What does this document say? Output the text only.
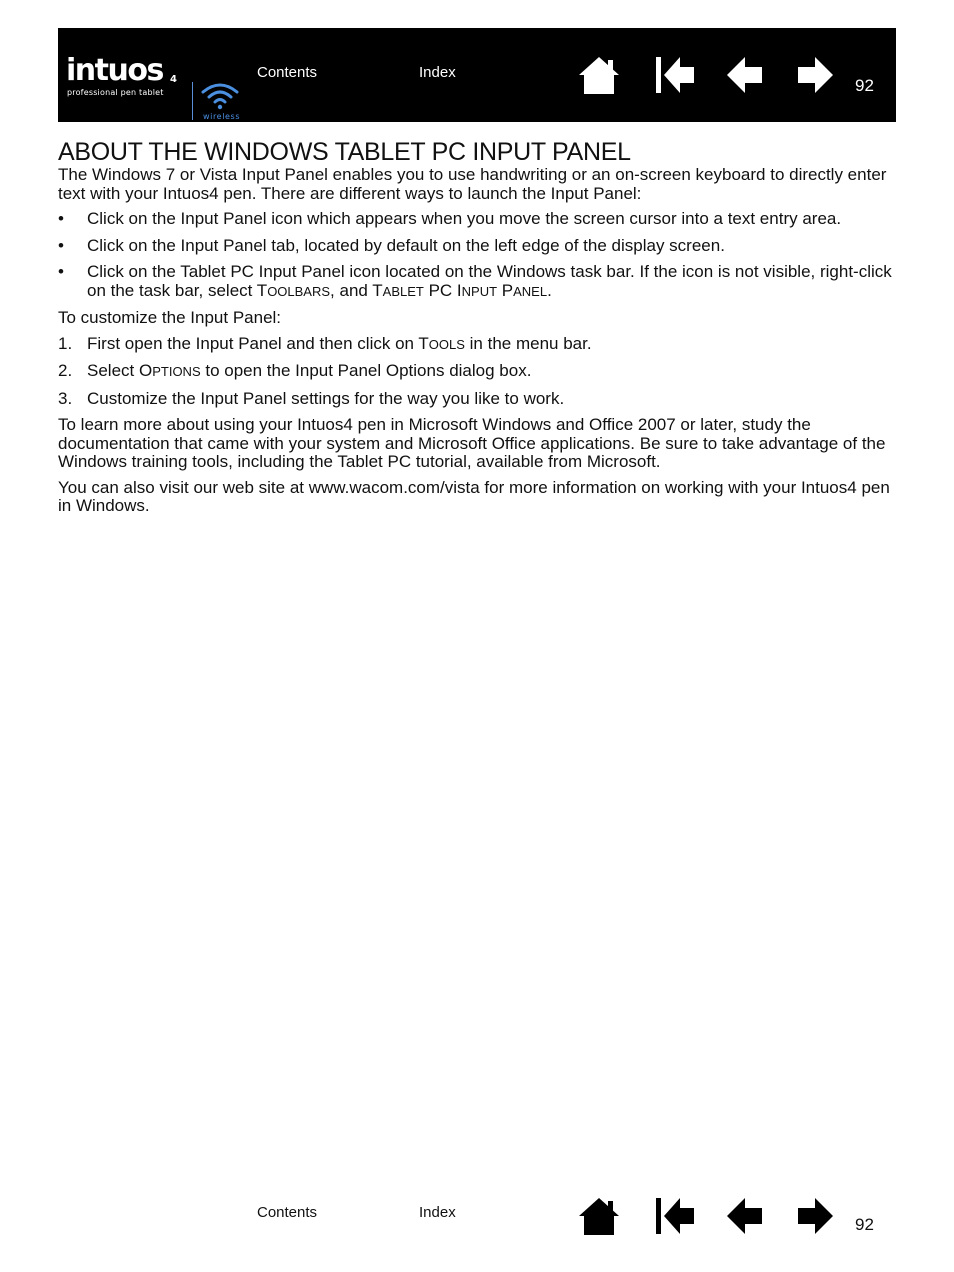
intuos 4
professional pen tablet
wireless
Contents	Index
92
ABOUT THE WINDOWS TABLET PC INPUT PANEL

The Windows 7 or Vista Input Panel enables you to use handwriting or an on-screen keyboard to directly enter text with your Intuos4 pen. There are different ways to launch the Input Panel:

• Click on the Input Panel icon which appears when you move the screen cursor into a text entry area.
• Click on the Input Panel tab, located by default on the left edge of the display screen.
• Click on the Tablet PC Input Panel icon located on the Windows task bar. If the icon is not visible, right-click on the task bar, select TOOLBARS, and TABLET PC INPUT PANEL.

To customize the Input Panel:

1. First open the Input Panel and then click on TOOLS in the menu bar.
2. Select OPTIONS to open the Input Panel Options dialog box.
3. Customize the Input Panel settings for the way you like to work.

To learn more about using your Intuos4 pen in Microsoft Windows and Office 2007 or later, study the documentation that came with your system and Microsoft Office applications. Be sure to take advantage of the Windows training tools, including the Tablet PC tutorial, available from Microsoft.

You can also visit our web site at www.wacom.com/vista for more information on working with your Intuos4 pen in Windows.

Contents	Index
92
